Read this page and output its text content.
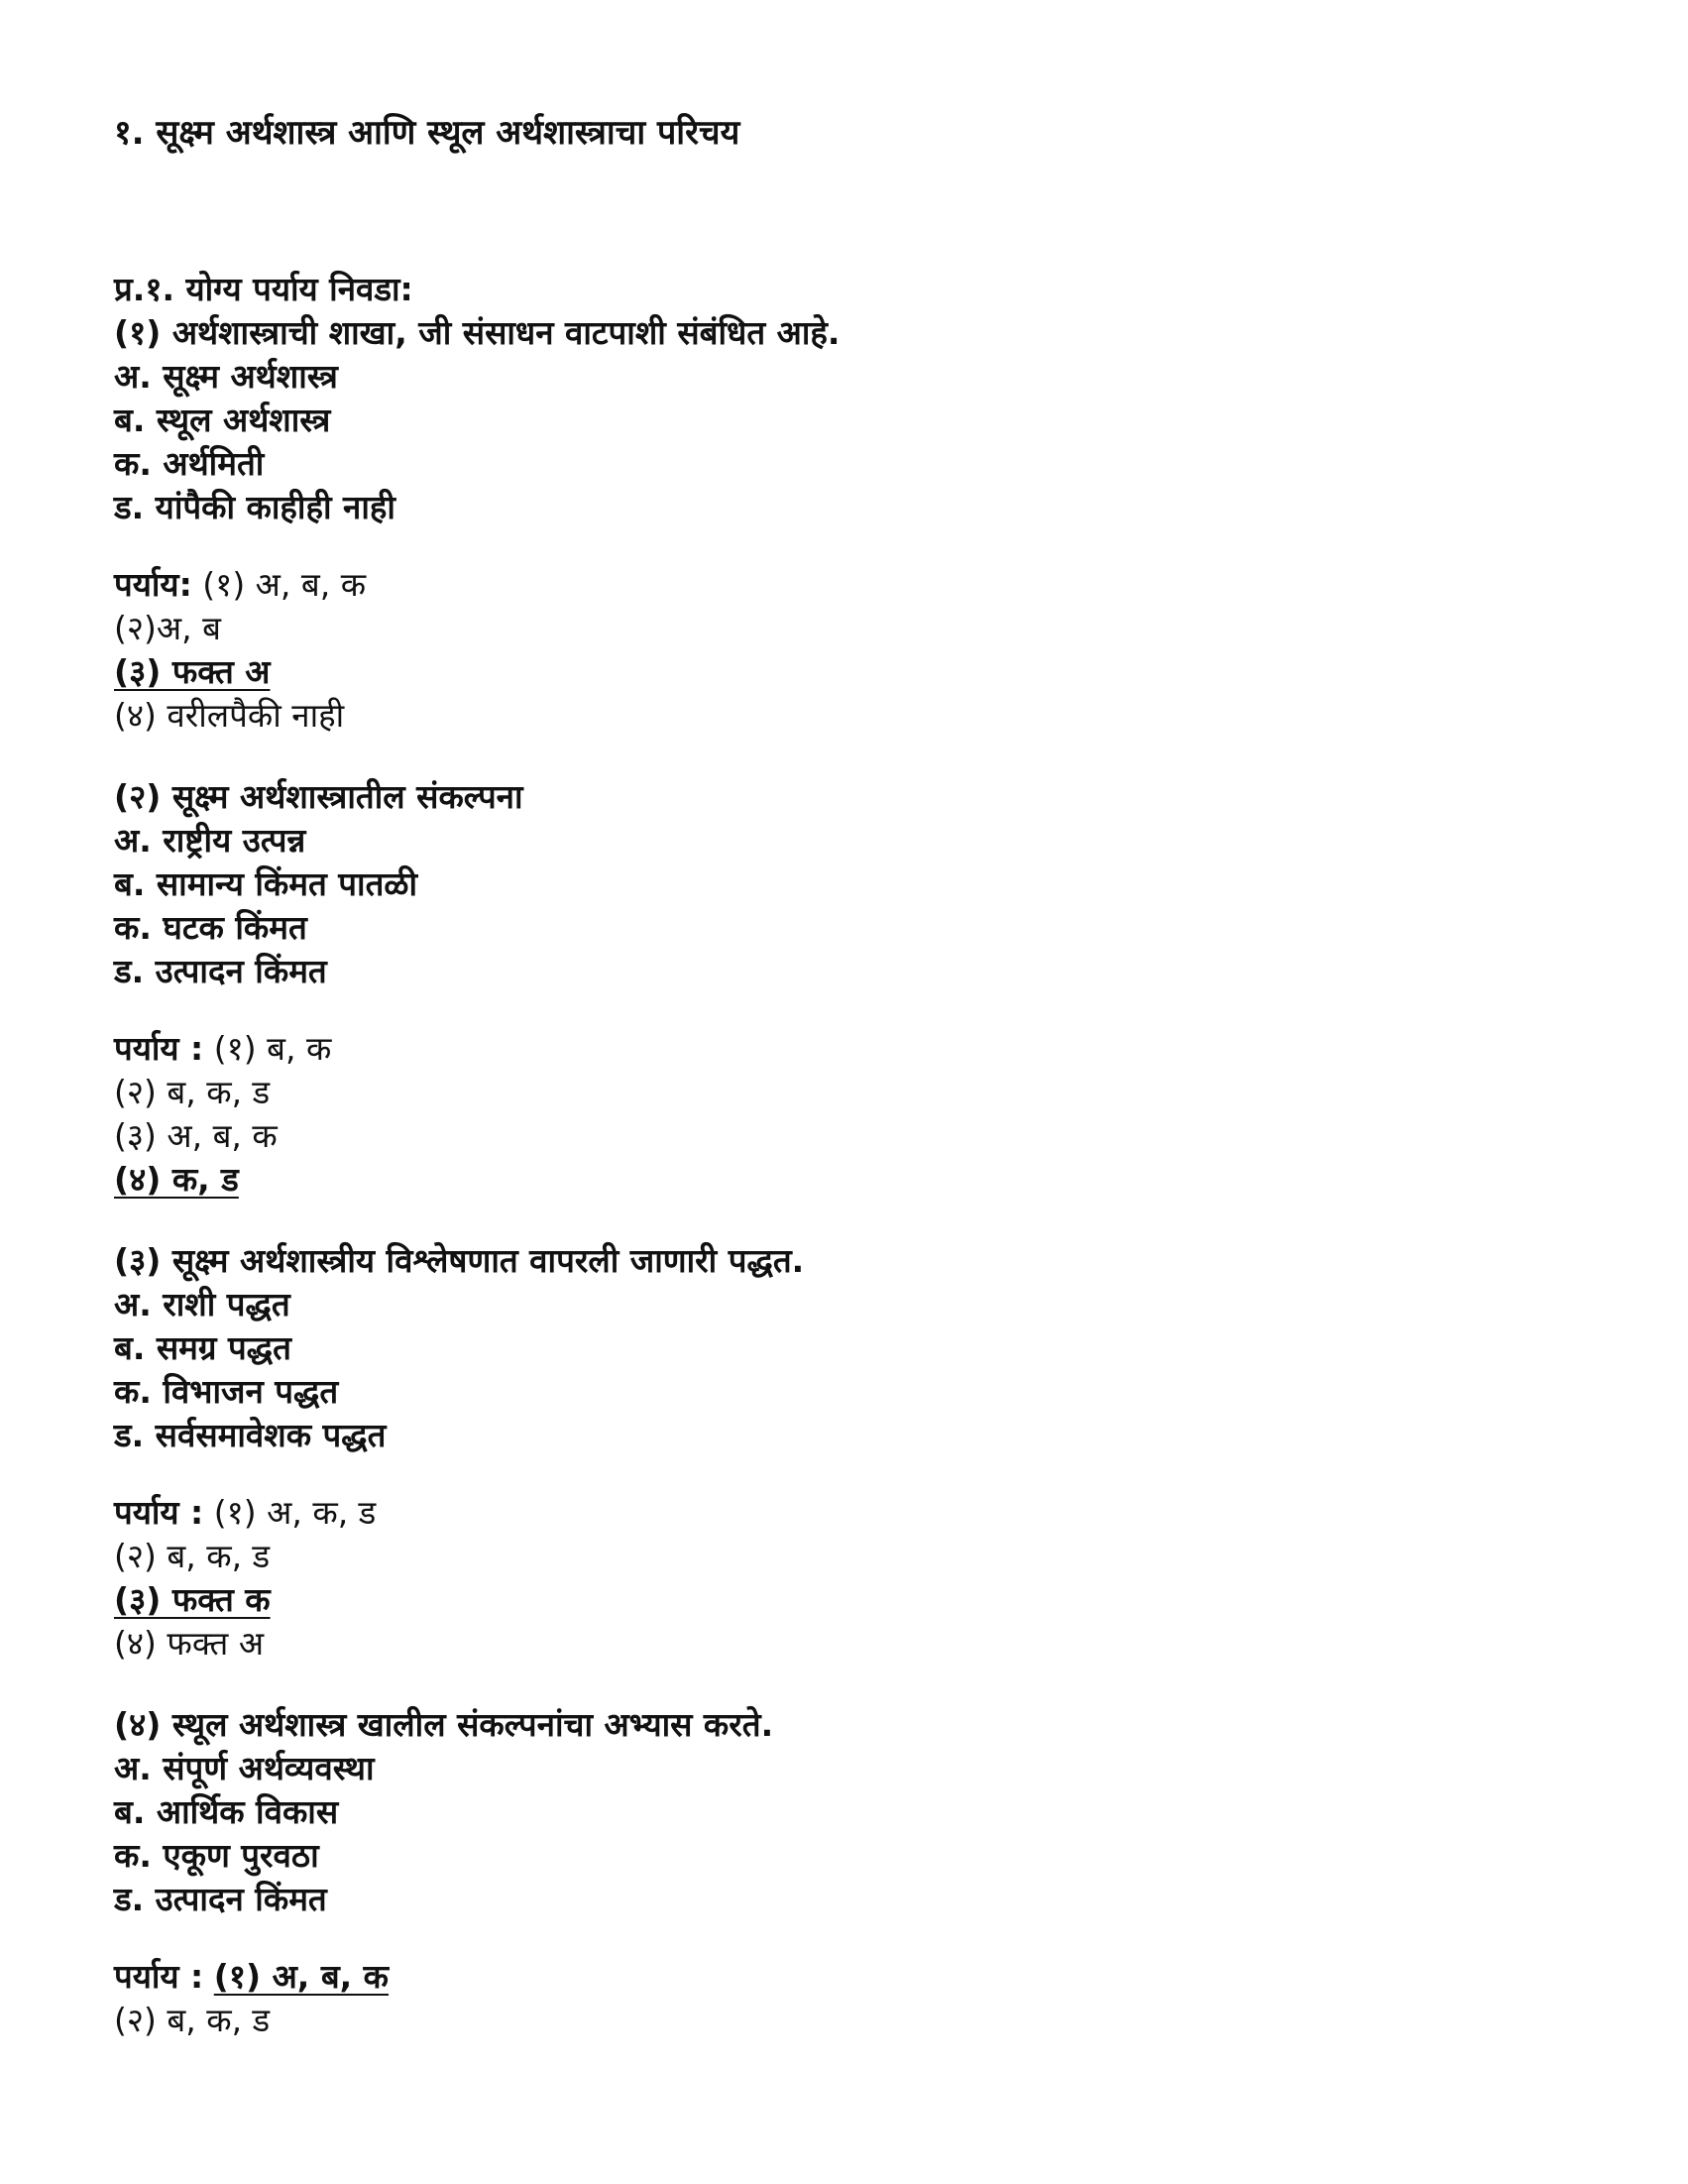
१. सूक्ष्म अर्थशास्त्र आणि स्थूल अर्थशास्त्राचा परिचय
प्र.१. योग्य पर्याय निवडा:
(१) अर्थशास्त्राची शाखा, जी संसाधन वाटपाशी संबंधित आहे.
अ. सूक्ष्म अर्थशास्त्र
ब. स्थूल अर्थशास्त्र
क. अर्थमिती
ड. यांपैकी काहीही नाही
पर्याय: (१) अ, ब, क
(२)अ, ब
(३) फक्त अ
(४) वरीलपैकी नाही
(२) सूक्ष्म अर्थशास्त्रातील संकल्पना
अ. राष्ट्रीय उत्पन्न
ब. सामान्य किंमत पातळी
क. घटक किंमत
ड. उत्पादन किंमत
पर्याय : (१) ब, क
(२) ब, क, ड
(३) अ, ब, क
(४) क, ड
(३) सूक्ष्म अर्थशास्त्रीय विश्लेषणात वापरली जाणारी पद्धत.
अ. राशी पद्धत
ब. समग्र पद्धत
क. विभाजन पद्धत
ड. सर्वसमावेशक पद्धत
पर्याय : (१) अ, क, ड
(२) ब, क, ड
(३) फक्त क
(४) फक्त अ
(४) स्थूल अर्थशास्त्र खालील संकल्पनांचा अभ्यास करते.
अ. संपूर्ण अर्थव्यवस्था
ब. आर्थिक विकास
क. एकूण पुरवठा
ड. उत्पादन किंमत
पर्याय : (१) अ, ब, क
(२) ब, क, ड
